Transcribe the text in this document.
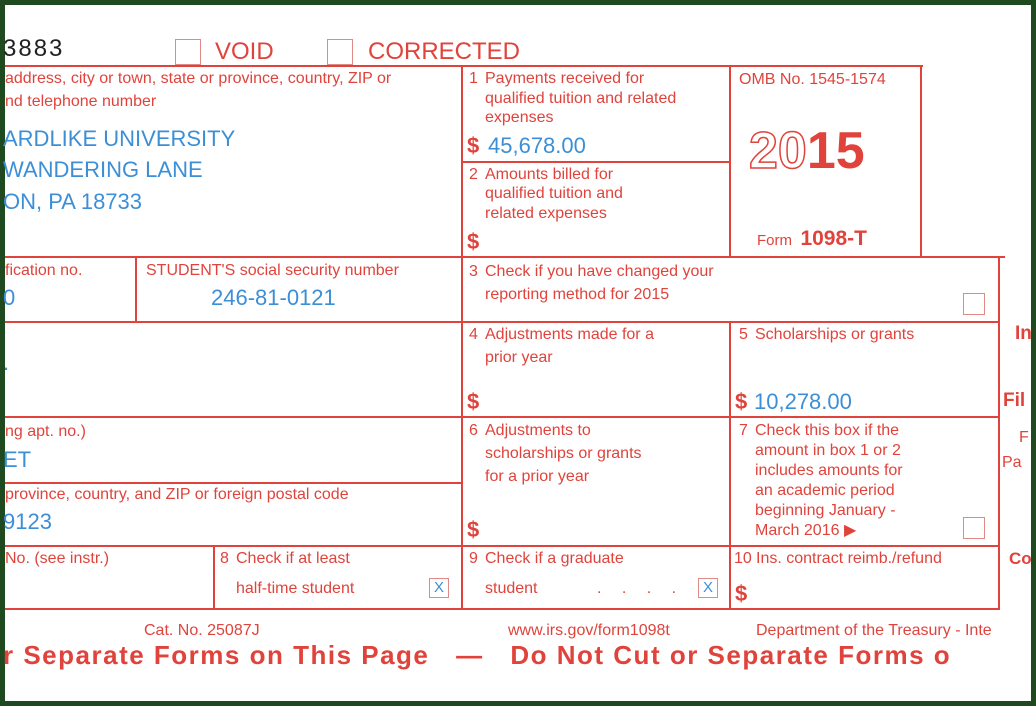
3883	VOID	CORRECTED
address, city or town, state or province, country, ZIP or
nd telephone number
ARDLIKE UNIVERSITY
WANDERING LANE
ON, PA 18733
fication no.
0
STUDENT'S social security number
246-81-0121
.
ng apt. no.)
ET
province, country, and ZIP or foreign postal code
9123
No. (see instr.)
1 Payments received for
qualified tuition and related
expenses
$ 45,678.00
2 Amounts billed for
qualified tuition and
related expenses
$
OMB No. 1545-1574
2015
Form 1098-T
3 Check if you have changed your
reporting method for 2015
4 Adjustments made for a
prior year
$
5 Scholarships or grants
$ 10,278.00
6 Adjustments to
scholarships or grants
for a prior year
$
7 Check this box if the
amount in box 1 or 2
includes amounts for
an academic period
beginning January -
March 2016 ▶
8 Check if at least
half-time student	X
9 Check if a graduate
student	. . . .	X
10 Ins. contract reimb./refund
$
In
Fil
F
Pa
Co
Cat. No. 25087J	www.irs.gov/form1098t	Department of the Treasury - Inte
r Separate Forms on This Page — Do Not Cut or Separate Forms o
